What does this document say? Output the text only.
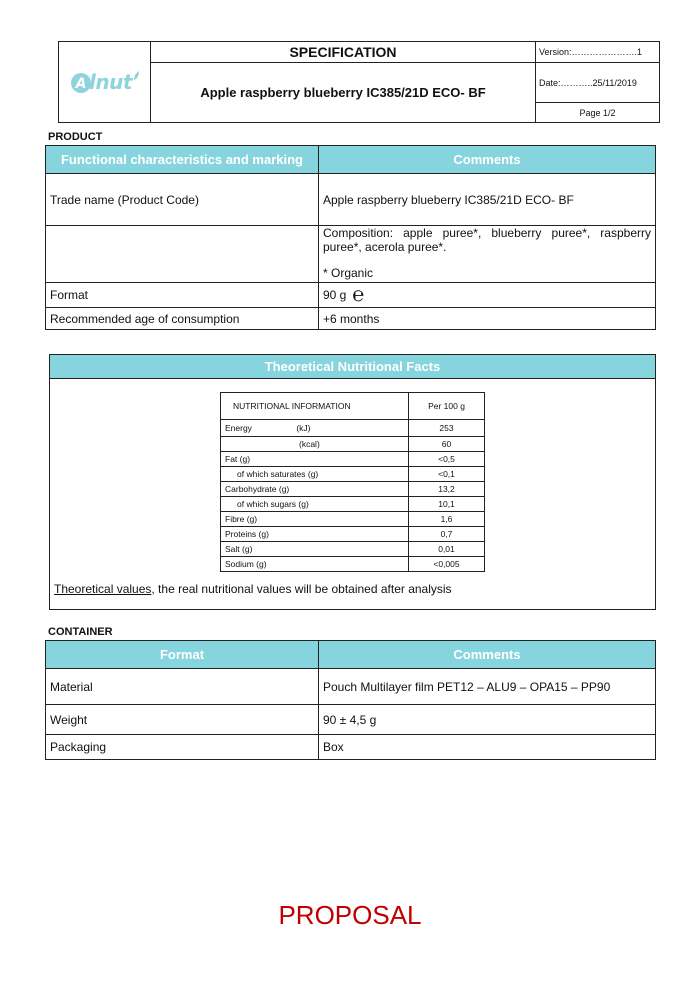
A lnut	SPECIFICATION	Version:………………….1
	Apple raspberry blueberry IC385/21D ECO- BF	Date:………..25/11/2019
		Page 1/2
PRODUCT
Functional characteristics and marking	Comments
Trade name (Product Code)	Apple raspberry blueberry IC385/21D ECO- BF

	Composition: apple puree*, blueberry puree*, raspberry puree*, acerola puree*.
* Organic

Format	90 g ℮
Recommended age of consumption	+6 months
Theoretical Nutritional Facts
NUTRITIONAL INFORMATION	Per 100 g
Energy (kJ)	253
(kcal)	60
Fat (g)	<0,5
of which saturates (g)	<0,1
Carbohydrate (g)	13,2
of which sugars (g)	10,1
Fibre (g)	1,6
Proteins (g)	0,7
Salt (g)	0,01
Sodium (g)	<0,005
Theoretical values, the real nutritional values will be obtained after analysis
CONTAINER
Format	Comments
Material	Pouch Multilayer film PET12 – ALU9 – OPA15 – PP90
Weight	90 ± 4,5 g
Packaging	Box
PROPOSAL
